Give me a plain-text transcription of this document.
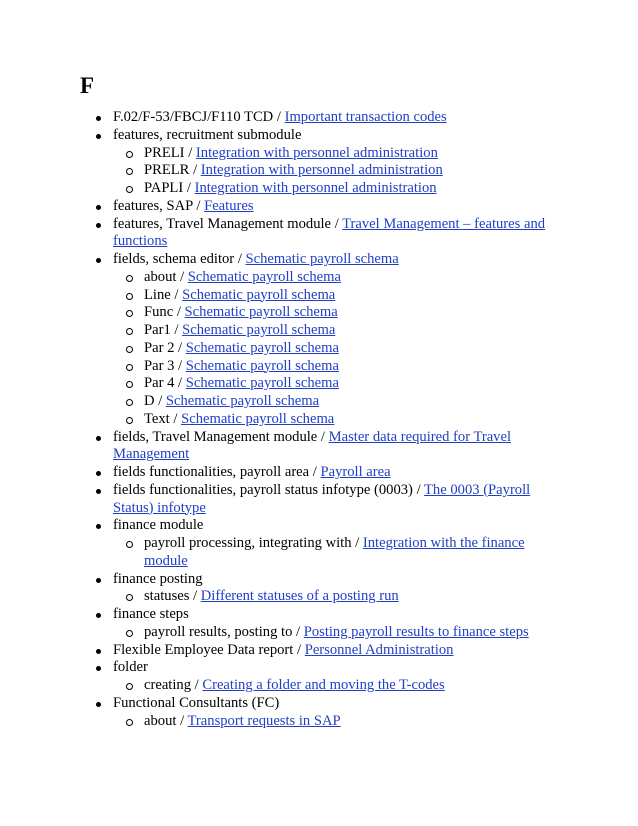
F
F.02/F-53/FBCJ/F110 TCD / Important transaction codes
features, recruitment submodule
PRELI / Integration with personnel administration
PRELR / Integration with personnel administration
PAPLI / Integration with personnel administration
features, SAP / Features
features, Travel Management module / Travel Management – features and functions
fields, schema editor / Schematic payroll schema
about / Schematic payroll schema
Line / Schematic payroll schema
Func / Schematic payroll schema
Par1 / Schematic payroll schema
Par 2 / Schematic payroll schema
Par 3 / Schematic payroll schema
Par 4 / Schematic payroll schema
D / Schematic payroll schema
Text / Schematic payroll schema
fields, Travel Management module / Master data required for Travel Management
fields functionalities, payroll area / Payroll area
fields functionalities, payroll status infotype (0003) / The 0003 (Payroll Status) infotype
finance module
payroll processing, integrating with / Integration with the finance module
finance posting
statuses / Different statuses of a posting run
finance steps
payroll results, posting to / Posting payroll results to finance steps
Flexible Employee Data report / Personnel Administration
folder
creating / Creating a folder and moving the T-codes
Functional Consultants (FC)
about / Transport requests in SAP
